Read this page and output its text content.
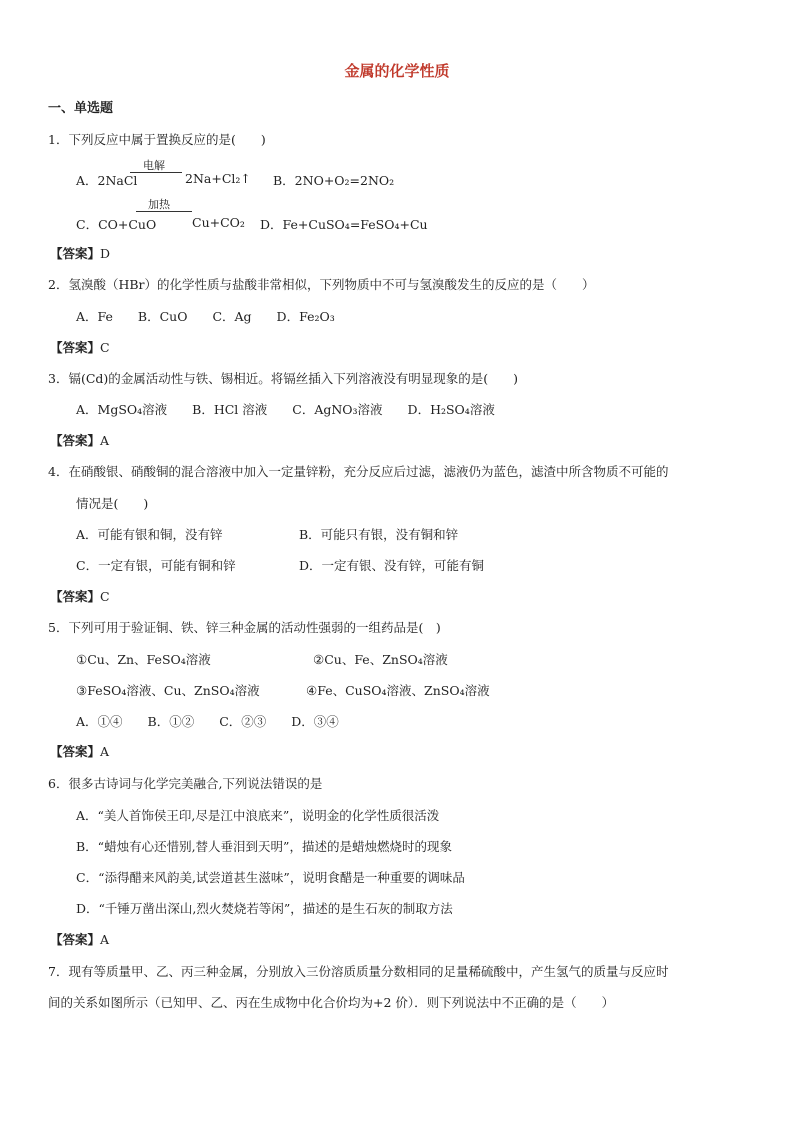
金属的化学性质
一、单选题
1．下列反应中属于置换反应的是(　　)
A．2NaCl
电解
2Na+Cl₂↑ B．2NO+O₂=2NO₂
C．CO+CuO
加热
Cu+CO₂ D．Fe+CuSO₄=FeSO₄+Cu
【答案】D
2．氢溴酸（HBr）的化学性质与盐酸非常相似，下列物质中不可与氢溴酸发生的反应的是（　　）
A．Fe　　B．CuO　　C．Ag　　D．Fe₂O₃
【答案】C
3．镉(Cd)的金属活动性与铁、锡相近。将镉丝插入下列溶液没有明显现象的是(　　)
A．MgSO₄溶液　　B．HCl 溶液　　C．AgNO₃溶液　　D．H₂SO₄溶液
【答案】A
4．在硝酸银、硝酸铜的混合溶液中加入一定量锌粉，充分反应后过滤，滤液仍为蓝色，滤渣中所含物质不可能的
情况是(　　)
A．可能有银和铜，没有锌	B．可能只有银，没有铜和锌
C．一定有银，可能有铜和锌	D．一定有银、没有锌，可能有铜
【答案】C
5．下列可用于验证铜、铁、锌三种金属的活动性强弱的一组药品是(　)
①Cu、Zn、FeSO₄溶液	②Cu、Fe、ZnSO₄溶液
③FeSO₄溶液、Cu、ZnSO₄溶液	④Fe、CuSO₄溶液、ZnSO₄溶液
A．①④　　B．①②　　C．②③　　D．③④
【答案】A
6．很多古诗词与化学完美融合,下列说法错误的是
A．“美人首饰侯王印,尽是江中浪底来”，说明金的化学性质很活泼
B．“蜡烛有心还惜别,替人垂泪到天明”，描述的是蜡烛燃烧时的现象
C．“添得醋来风韵美,试尝道甚生滋味”，说明食醋是一种重要的调味品
D．“千锤万凿出深山,烈火焚烧若等闲”，描述的是生石灰的制取方法
【答案】A
7．现有等质量甲、乙、丙三种金属，分别放入三份溶质质量分数相同的足量稀硫酸中，产生氢气的质量与反应时
间的关系如图所示（已知甲、乙、丙在生成物中化合价均为+2 价）．则下列说法中不正确的是（　　）
